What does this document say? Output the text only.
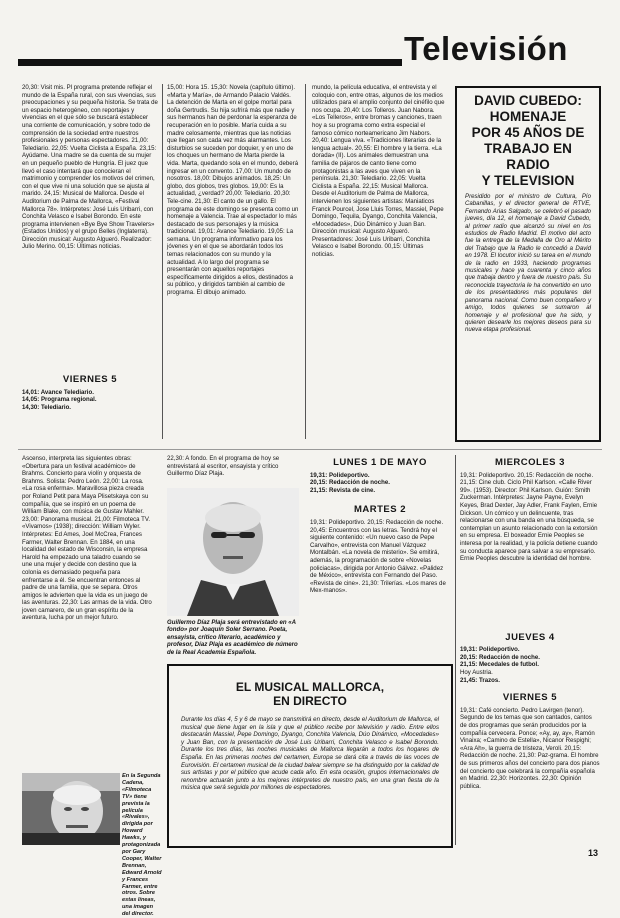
Televisión

20,30: Visit mis. Pl programa pretende reflejar el mundo de la España rural, con sus vivencias, sus preocupaciones y su pequeña historia. Se trata de un espacio heterogéneo, con reportajes y vivencias en el que sólo se buscará establecer una corriente de comunicación, y sobre todo de comprensión de la sociedad entre nuestros profesionales y personas espectadores. 21,00: Telediario. 22,05: Vuelta Ciclista a España. 23,15: Ayúdame. Una madre se da cuenta de su mujer en un pequeño pueblo de Hungría. El juez que llevó el caso intentará que conocieran el matrimonio y comprender los motivos del crimen, con el que vive ni una solución que se ajusta al marido. 24,15: Musical de Mallorca. Desde el Auditorium de Palma de Mallorca, «Festival Mallorca 78». Intérpretes: José Luis Uribarri, con Conchita Velasco e Isabel Borondo. En este programa intervienen «Bye Bye Show Travelers» (Estados Unidos) y el grupo Belles (Inglaterra). Dirección musical: Augusto Algueró. Realizador: Julio Merino. 00,15: Últimas noticias.

VIERNES 5

14,01: Avance Telediario.

14,05: Programa regional.

14,30: Telediario.

15,00: Hora 15. 15,30: Novela (capítulo último). «Marta y María», de Armando Palacio Valdés. La detención de Marta en el golpe mortal para doña Gertrudis. Su hija sufrirá más que nadie y sus hermanos han de perdonar la esperanza de recuperación en lo posible. María cuida a su madre celosamente, mientras que las noticias que llegan son cada vez más alarmantes. Los disturbios se suceden por doquier, y en uno de los choques un hermano de Marta pierde la vida. Marta, quedando sola en el mundo, deberá ingresar en un convento. 17,00: Un mundo de nosotros. 18,00: Dibujos animados. 18,25: Un globo, dos globos, tres globos. 19,00: Es la actualidad, ¿verdad? 20,00: Telediario. 20,30: Tele-cine. 21,30: El canto de un gallo. El programa de este domingo se presenta como un homenaje a Valencia. Trae al espectador lo más destacado de sus personajes y la música tradicional. 19,01: Avance Telediario. 19,05: La semana. Un programa informativo para los jóvenes y en el que se abordarán todos los temas relacionados con su mundo y la actualidad. A lo largo del programa se presentarán con aquellos reportajes específicamente dirigidos a ellos, destinados a su público, y dirigidos también al cambio de programa. El dibujo animado.

mundo, la película educativa, el entrevista y el coloquio con, entre otras, algunos de los medios utilizados para el amplio conjunto del cinéfilo que nos ocupa. 20,40: Los Tolleros. Juan Nabora. «Los Telleros», entre bromas y canciones, traen hoy a su programa como extra especial el famoso cómico norteamericano Jim Nabors. 20,40: Lengua viva. «Tradiciones literarias de la lengua actual». 20,55: El hombre y la tierra. «La dorada» (II). Los animales demuestran una familia de pájaros de canto tiene como protagonistas a las aves que viven en la península. 21,30: Telediario. 22,05: Vuelta Ciclista a España. 22,15: Musical Mallorca. Desde el Auditorium de Palma de Mallorca, intervienen los siguientes artistas: Maniaticos Franck Pourcel, Jose Lluis Torres, Massiel, Pepe Domingo, Tequila, Dyango, Conchita Valencia, «Mocedades», Dúo Dinámico y Juan Ban. Dirección musical: Augusto Algueró. Presentadores: José Luis Uribarri, Conchita Velasco e Isabel Borondo. 00,15: Últimas noticias.

DAVID CUBEDO:
HOMENAJE
POR 45 AÑOS DE
TRABAJO EN
RADIO
Y TELEVISION

Presidido por el ministro de Cultura, Pío Cabanillas, y el director general de RTVE, Fernando Arias Salgado, se celebró el pasado jueves, día 12, el homenaje a David Cubedo, al primer radio que alcanzó su nivel en los estudios de Radio Madrid. El motivo del acto fue la entrega de la Medalla de Oro al Mérito del Trabajo que la Radio le concedió a David en 1978. El locutor inició su tarea en el mundo de la radio en 1933, haciendo programas musicales y hace ya cuarenta y cinco años que trabaja dentro y fuera de nuestro país. Su reconocida trayectoria le ha convertido en uno de los presentadores más populares del panorama nacional. Como buen compañero y amigo, todos quienes se sumaron al homenaje y el profesional que ha sido, y quieren desearle los mejores deseos para su nueva etapa profesional.

Ascenso, interpreta las siguientes obras: «Obertura para un festival académico» de Brahms. Concierto para violín y orquesta de Brahms. Solista: Pedro León. 22,00: La rosa. «La rosa enferma». Maravillosa pieza creada por Roland Petit para Maya Plisetskaya con su compañía, que se inspiró en un poema de William Blake, con música de Gustav Mahler. 23,00: Panorama musical. 21,00: Filmoteca TV. «Vivamos» (1938); dirección: William Wyler. Intérpretes: Ed Ames, Joel McCrea, Frances Farmer, Walter Brennan. En 1884, en una localidad del estado de Wisconsin, la empresa Harold ha empezado una taladro cuando se une una mujer y decide con destino que la colonia es demasiado pequeña para enfrentarse a él. Se encuentran entonces al padre de una familia, que se separa. Otros amigos le advierten que la vida es un juego de las aventuras. 22,30: Las armas de la vida. Otro joven camarero, de un gran espíritu de la aventura, lucha por un mejor futuro.

En la Segunda Cadena, «Filmoteca TV» tiene prevista la película «Rivales», dirigida por Howard Hawks, y protagonizada por Gary Cooper, Walter Brennan, Edward Arnold y Frances Farmer, entre otros. Sobre estas líneas, una imagen del director.

22,30: A fondo. En el programa de hoy se entrevistará al escritor, ensayista y crítico Guillermo Díaz Plaja.

Guillermo Díaz Plaja será entrevistado en «A fondo» por Joaquín Soler Serrano. Poeta, ensayista, crítico literario, académico y profesor, Díaz Plaja es académico de número de la Real Academia Española.
EL MUSICAL MALLORCA,
EN DIRECTO

Durante los días 4, 5 y 6 de mayo se transmitirá en directo, desde el Auditorium de Mallorca, el musical que tiene lugar en la isla y que el público recibe por televisión y radio. Entre ellos destacarán Massiel, Pepe Domingo, Dyango, Conchita Valencia, Dúo Dinámico, «Mocedades» y Juan Ban, con la presentación de José Luis Uribarri, Conchita Velasco e Isabel Borondo. Durante los tres días, las noches musicales de Mallorca llegarán a todos los hogares de España. En las primeras noches del certamen, Europa se dará cita a través de las voces de Eurovisión. El certamen musical de la ciudad balear siempre se ha distinguido por la calidad de sus artistas y por el público que acude cada año. En esta ocasión, grupos internacionales de renombre actuarán junto a los mejores intérpretes de nuestro país, en una gran fiesta de la música que será seguida por millones de espectadores.

LUNES 1 DE MAYO

19,31: Polideportivo.

20,15: Redacción de noche.

21,15: Revista de cine.

MARTES 2

19,31: Polideportivo. 20,15: Redacción de noche. 20,45: Encuentros con las letras. Tendrá hoy el siguiente contenido: «Un nuevo caso de Pepe Carvalho», entrevista con Manuel Vázquez Montalbán. «La novela de misterio». Se emitirá, además, la programación de sobre «Novelas policiacas», dirigida por Antonio Gálvez. «Palidez de México», entrevista con Fernando del Paso. «Revista de cine». 21,30: Trilerías. «Los mares de Mex-manos».

MIERCOLES 3

19,31: Polideportivo. 20,15: Redacción de noche. 21,15: Cine club. Ciclo Phil Karlson. «Calle River 99». (1953). Director: Phil Karlson. Guión: Smith Zuckerman. Intérpretes: Jayne Payne, Evelyn Keyes, Brad Dexter, Jay Adler, Frank Faylen, Ernie Dickson. Un cómico y un delincuente, tras relacionarse con una banda en una búsqueda, se contemplan un asunto relacionado con la extorsión en su empresa. El boxeador Ernie Peoples se interesa por la realidad, y la policía detiene cuando su conducta aparece para salvar a su empresario. Ernie Peoples descubre la identidad del hombre.

JUEVES 4

19,31: Polideportivo.

20,15: Redacción de noche.

21,15: Mecedales de futbol.

Hoy Austria.

21,45: Trazos.

VIERNES 5

19,31: Café concierto. Pedro Lavirgen (tenor). Segundo de los temas que son cantados, cantos de dos programas que serán producidos por la compañía cervecera. Ponce; «Ay, ay, ay», Ramón Vinaixa; «Camino de Estella», Nicanor Respighi; «Ara Ah», la guerra de tristeza, Veroli. 20,15: Redacción de noche. 21,30: Paz-grama. El hombre de sus primeros años del concierto para dos pianos del concierto que celebrará la compañía española en Madrid. 22,30: Horizontes. 22,30: Opinión pública.

13
